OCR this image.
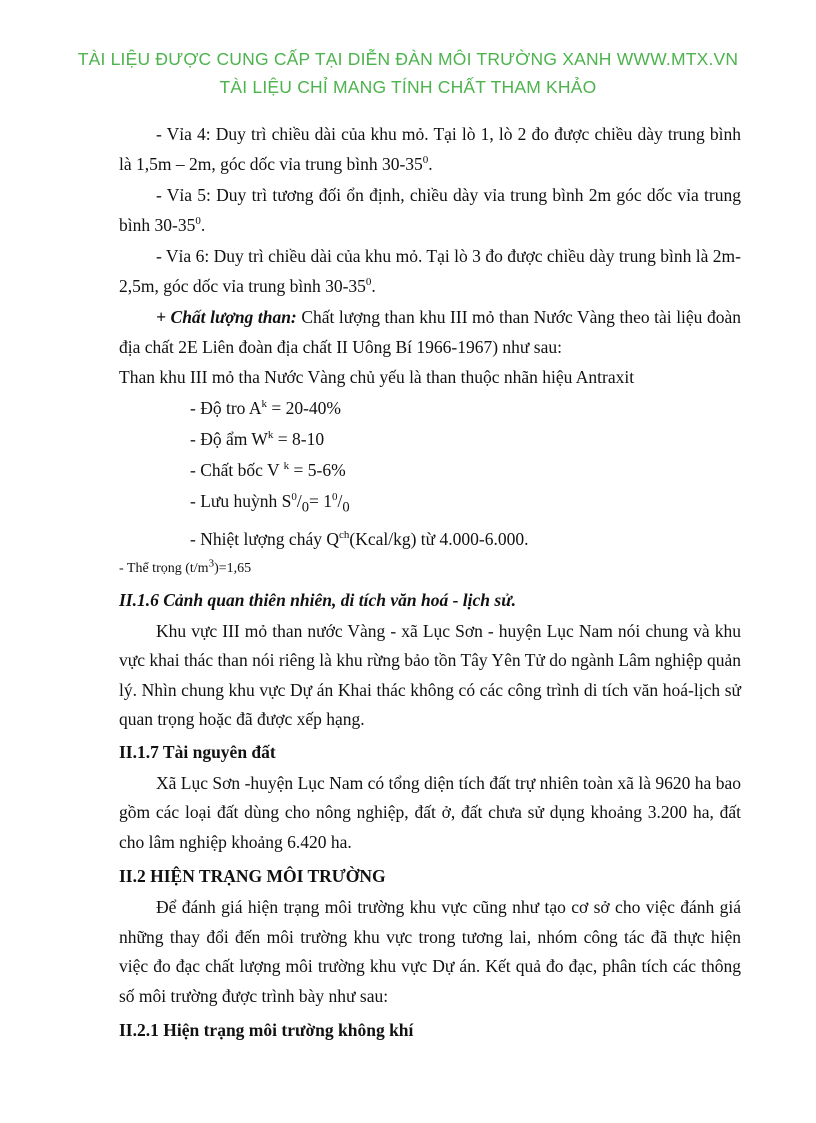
TÀI LIỆU ĐƯỢC CUNG CẤP TẠI DIỄN ĐÀN MÔI TRƯỜNG XANH WWW.MTX.VN
TÀI LIỆU CHỈ MANG TÍNH CHẤT THAM KHẢO

- Vỉa 4: Duy trì chiều dài của khu mỏ. Tại lò 1, lò 2 đo được chiều dày trung bình là 1,5m – 2m, góc dốc vỉa trung bình $30-35^0$.

- Vỉa 5: Duy trì tương đối ổn định, chiều dày vỉa trung bình 2m góc dốc vỉa trung bình $30-35^0$.

- Vỉa 6: Duy trì chiều dài của khu mỏ. Tại lò 3 đo được chiều dày trung bình là 2m-2,5m, góc dốc vỉa trung bình $30-35^0$.

+ Chất lượng than: Chất lượng than khu III mỏ than Nước Vàng theo tài liệu đoàn địa chất 2E Liên đoàn địa chất II Uông Bí 1966-1967) như sau:

Than khu III mỏ tha Nước Vàng chủ yếu là than thuộc nhãn hiệu Antraxit

- Độ tro $A^k = 20-40\%$

- Độ ẩm $W^k = 8-10$

- Chất bốc V $^k$ = 5-6%

- Lưu huỳnh $S^0/_0= 1^0/_0$

- Nhiệt lượng cháy $Q^{ch}(Kcal/kg)$ từ 4.000-6.000.

- Thể trọng $(t/m^3)=1,65$

II.1.6 Cảnh quan thiên nhiên, di tích văn hoá - lịch sử.

Khu vực III mỏ than nước Vàng - xã Lục Sơn - huyện Lục Nam nói chung và khu vực khai thác than nói riêng là khu rừng bảo tồn Tây Yên Tử do ngành Lâm nghiệp quản lý. Nhìn chung khu vực Dự án Khai thác không có các công trình di tích văn hoá-lịch sử quan trọng hoặc đã được xếp hạng.

II.1.7 Tài nguyên đất

Xã Lục Sơn -huyện Lục Nam có tổng diện tích đất trự nhiên toàn xã là 9620 ha bao gồm các loại đất dùng cho nông nghiệp, đất ở, đất chưa sử dụng khoảng 3.200 ha, đất cho lâm nghiệp khoảng 6.420 ha.

II.2 HIỆN TRẠNG MÔI TRƯỜNG

Để đánh giá hiện trạng môi trường khu vực cũng như tạo cơ sở cho việc đánh giá những thay đổi đến môi trường khu vực trong tương lai, nhóm công tác đã thực hiện việc đo đạc chất lượng môi trường khu vực Dự án. Kết quả đo đạc, phân tích các thông số môi trường được trình bày như sau:

II.2.1 Hiện trạng môi trường không khí
